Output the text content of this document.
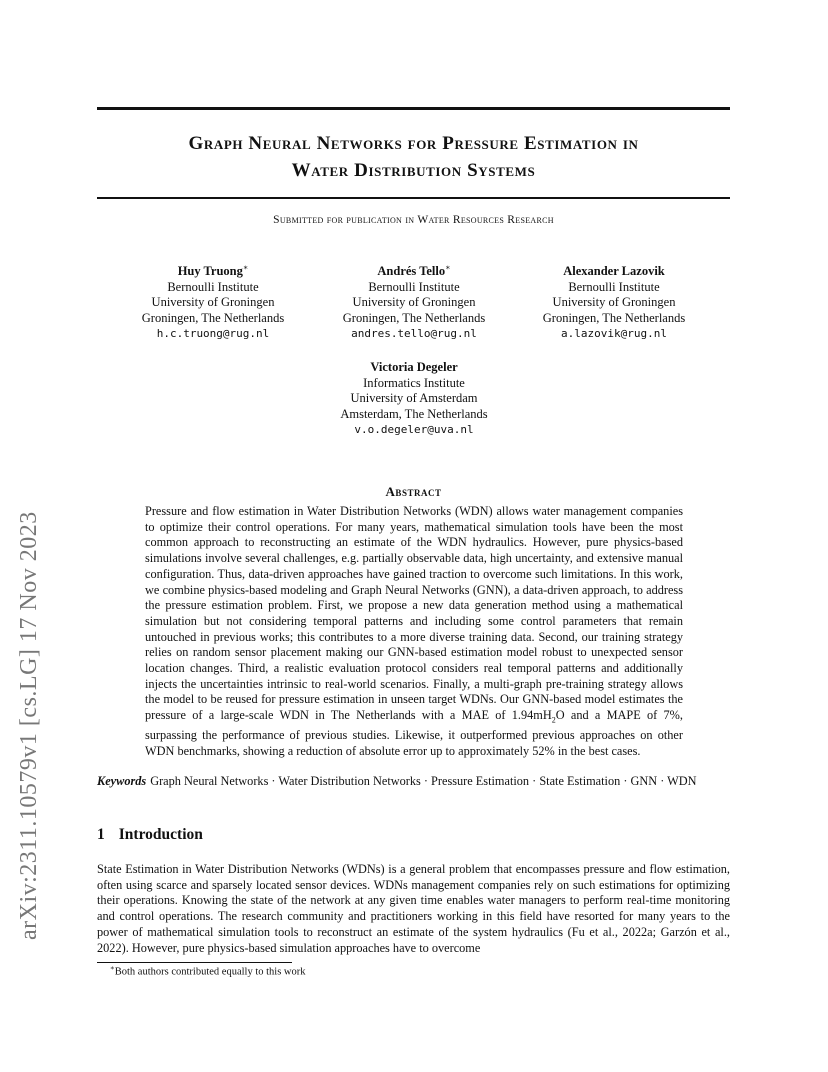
arXiv:2311.10579v1 [cs.LG] 17 Nov 2023
Graph Neural Networks for Pressure Estimation in
Water Distribution Systems
Submitted for publication in Water Resources Research
Huy Truong∗
Bernoulli Institute
University of Groningen
Groningen, The Netherlands
h.c.truong@rug.nl
Andrés Tello∗
Bernoulli Institute
University of Groningen
Groningen, The Netherlands
andres.tello@rug.nl
Alexander Lazovik
Bernoulli Institute
University of Groningen
Groningen, The Netherlands
a.lazovik@rug.nl
Victoria Degeler
Informatics Institute
University of Amsterdam
Amsterdam, The Netherlands
v.o.degeler@uva.nl
Abstract

Pressure and flow estimation in Water Distribution Networks (WDN) allows water management companies to optimize their control operations. For many years, mathematical simulation tools have been the most common approach to reconstructing an estimate of the WDN hydraulics. However, pure physics-based simulations involve several challenges, e.g. partially observable data, high uncertainty, and extensive manual configuration. Thus, data-driven approaches have gained traction to overcome such limitations. In this work, we combine physics-based modeling and Graph Neural Networks (GNN), a data-driven approach, to address the pressure estimation problem. First, we propose a new data generation method using a mathematical simulation but not considering temporal patterns and including some control parameters that remain untouched in previous works; this contributes to a more diverse training data. Second, our training strategy relies on random sensor placement making our GNN-based estimation model robust to unexpected sensor location changes. Third, a realistic evaluation protocol considers real temporal patterns and additionally injects the uncertainties intrinsic to real-world scenarios. Finally, a multi-graph pre-training strategy allows the model to be reused for pressure estimation in unseen target WDNs. Our GNN-based model estimates the pressure of a large-scale WDN in The Netherlands with a MAE of $1.94mH_2O$ and a MAPE of 7%, surpassing the performance of previous studies. Likewise, it outperformed previous approaches on other WDN benchmarks, showing a reduction of absolute error up to approximately 52% in the best cases.

Keywords Graph Neural Networks · Water Distribution Networks · Pressure Estimation · State Estimation · GNN · WDN

1 Introduction

State Estimation in Water Distribution Networks (WDNs) is a general problem that encompasses pressure and flow estimation, often using scarce and sparsely located sensor devices. WDNs management companies rely on such estimations for optimizing their operations. Knowing the state of the network at any given time enables water managers to perform real-time monitoring and control operations. The research community and practitioners working in this field have resorted for many years to the power of mathematical simulation tools to reconstruct an estimate of the system hydraulics (Fu et al., 2022a; Garzón et al., 2022). However, pure physics-based simulation approaches have to overcome

∗Both authors contributed equally to this work
